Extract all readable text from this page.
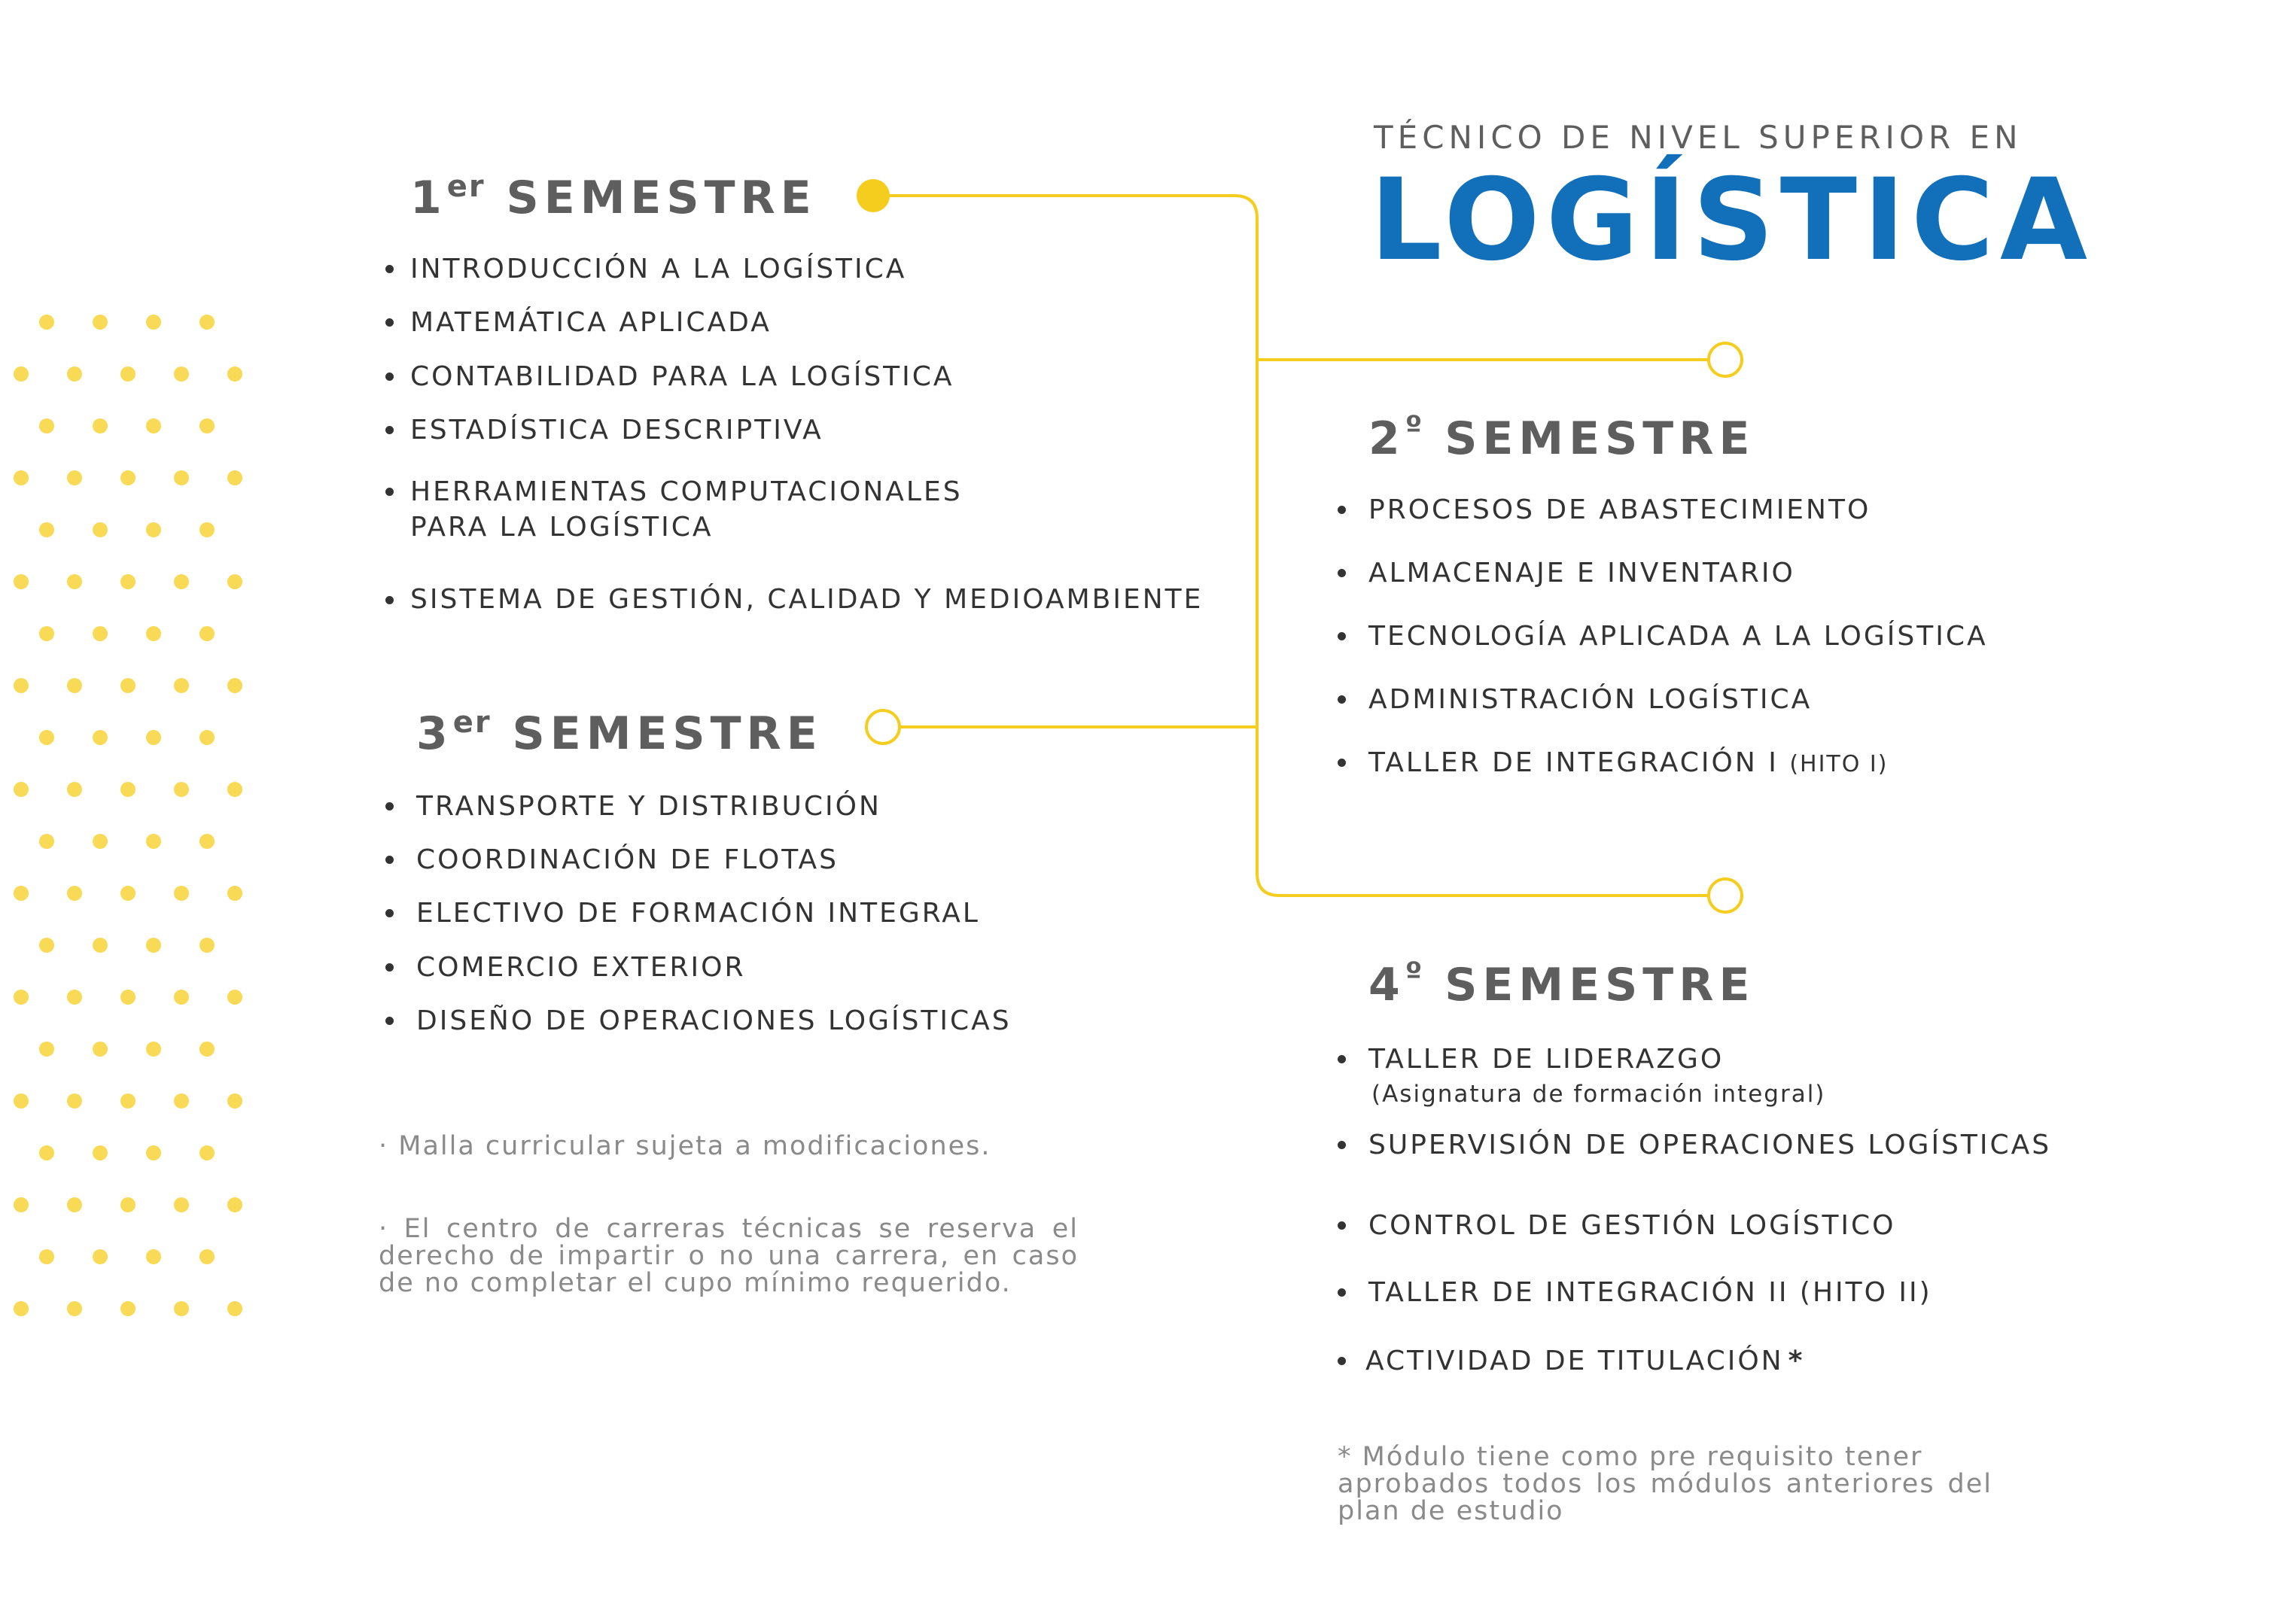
TÉCNICO DE NIVEL SUPERIOR EN
LOGÍSTICA
1er SEMESTRE
INTRODUCCIÓN A LA LOGÍSTICA
MATEMÁTICA APLICADA
CONTABILIDAD PARA LA LOGÍSTICA
ESTADÍSTICA DESCRIPTIVA
HERRAMIENTAS COMPUTACIONALES
PARA LA LOGÍSTICA
SISTEMA DE GESTIÓN, CALIDAD Y MEDIOAMBIENTE
$2^º$ SEMESTRE
PROCESOS DE ABASTECIMIENTO
ALMACENAJE E INVENTARIO
TECNOLOGÍA APLICADA A LA LOGÍSTICA
ADMINISTRACIÓN LOGÍSTICA
TALLER DE INTEGRACIÓN I (HITO I)
3er SEMESTRE
TRANSPORTE Y DISTRIBUCIÓN
COORDINACIÓN DE FLOTAS
ELECTIVO DE FORMACIÓN INTEGRAL
COMERCIO EXTERIOR
DISEÑO DE OPERACIONES LOGÍSTICAS
$4^º$ SEMESTRE
TALLER DE LIDERAZGO
(Asignatura de formación integral)
SUPERVISIÓN DE OPERACIONES LOGÍSTICAS
CONTROL DE GESTIÓN LOGÍSTICO
TALLER DE INTEGRACIÓN II (HITO II)
ACTIVIDAD DE TITULACIÓN *
· Malla curricular sujeta a modificaciones.
· El centro de carreras técnicas se reserva el
derecho de impartir o no una carrera, en caso
de no completar el cupo mínimo requerido.
* Módulo tiene como pre requisito tener
aprobados todos los módulos anteriores del
plan de estudio
